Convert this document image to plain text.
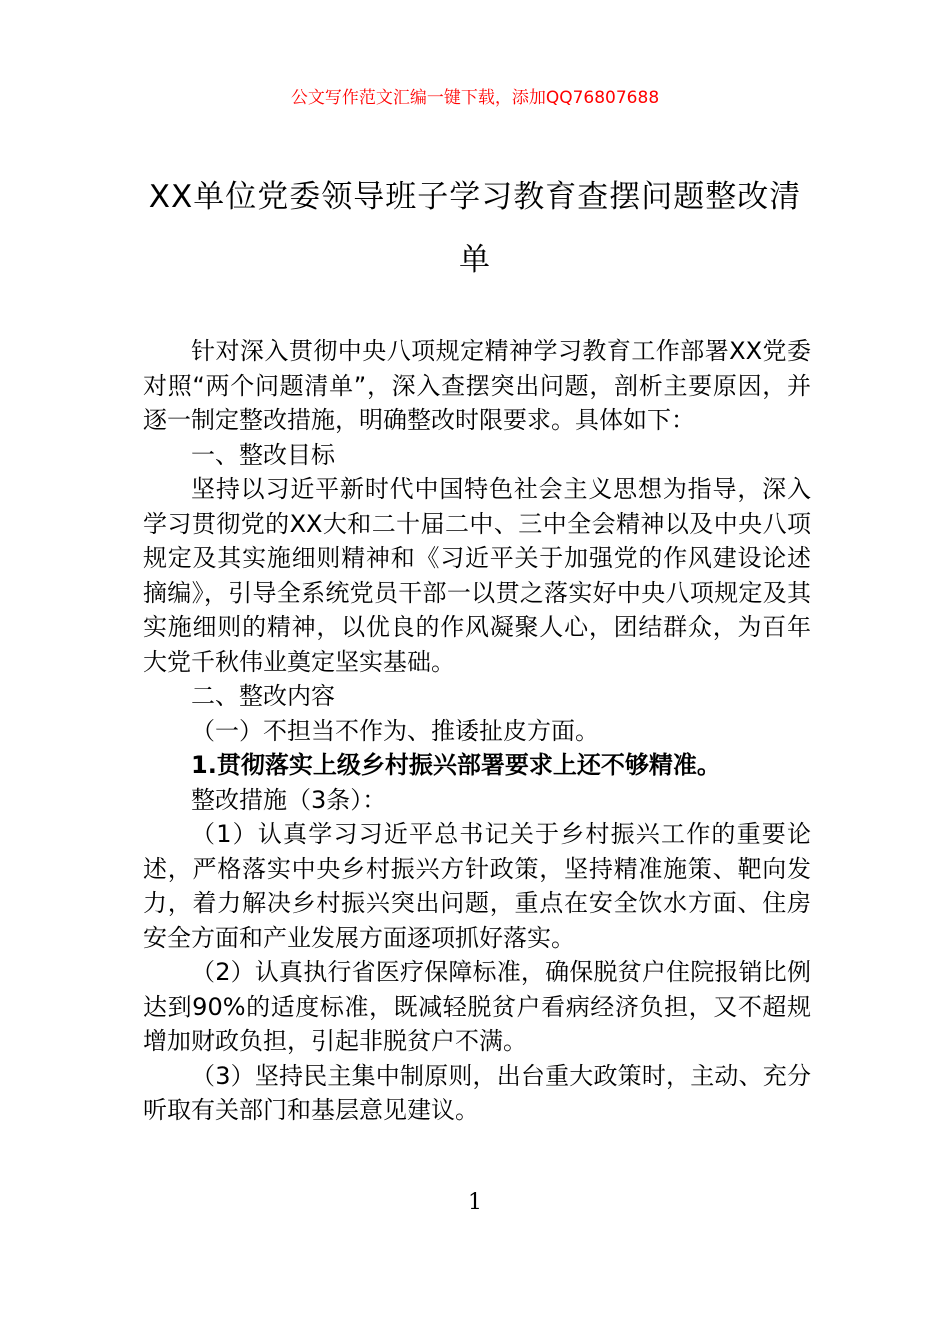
公文写作范文汇编一键下载，添加QQ76807688

XX单位党委领导班子学习教育查摆问题整改清单

针对深入贯彻中央八项规定精神学习教育工作部署XX党委对照“两个问题清单”，深入查摆突出问题，剖析主要原因，并逐一制定整改措施，明确整改时限要求。具体如下：

一、整改目标

坚持以习近平新时代中国特色社会主义思想为指导，深入学习贯彻党的XX大和二十届二中、三中全会精神以及中央八项规定及其实施细则精神和《习近平关于加强党的作风建设论述摘编》，引导全系统党员干部一以贯之落实好中央八项规定及其实施细则的精神，以优良的作风凝聚人心，团结群众，为百年大党千秋伟业奠定坚实基础。

二、整改内容

（一）不担当不作为、推诿扯皮方面。

1.贯彻落实上级乡村振兴部署要求上还不够精准。

整改措施（3条）：

（1）认真学习习近平总书记关于乡村振兴工作的重要论述，严格落实中央乡村振兴方针政策，坚持精准施策、靶向发力，着力解决乡村振兴突出问题，重点在安全饮水方面、住房安全方面和产业发展方面逐项抓好落实。

（2）认真执行省医疗保障标准，确保脱贫户住院报销比例达到90%的适度标准，既减轻脱贫户看病经济负担，又不超规增加财政负担，引起非脱贫户不满。

（3）坚持民主集中制原则，出台重大政策时，主动、充分听取有关部门和基层意见建议。

1
